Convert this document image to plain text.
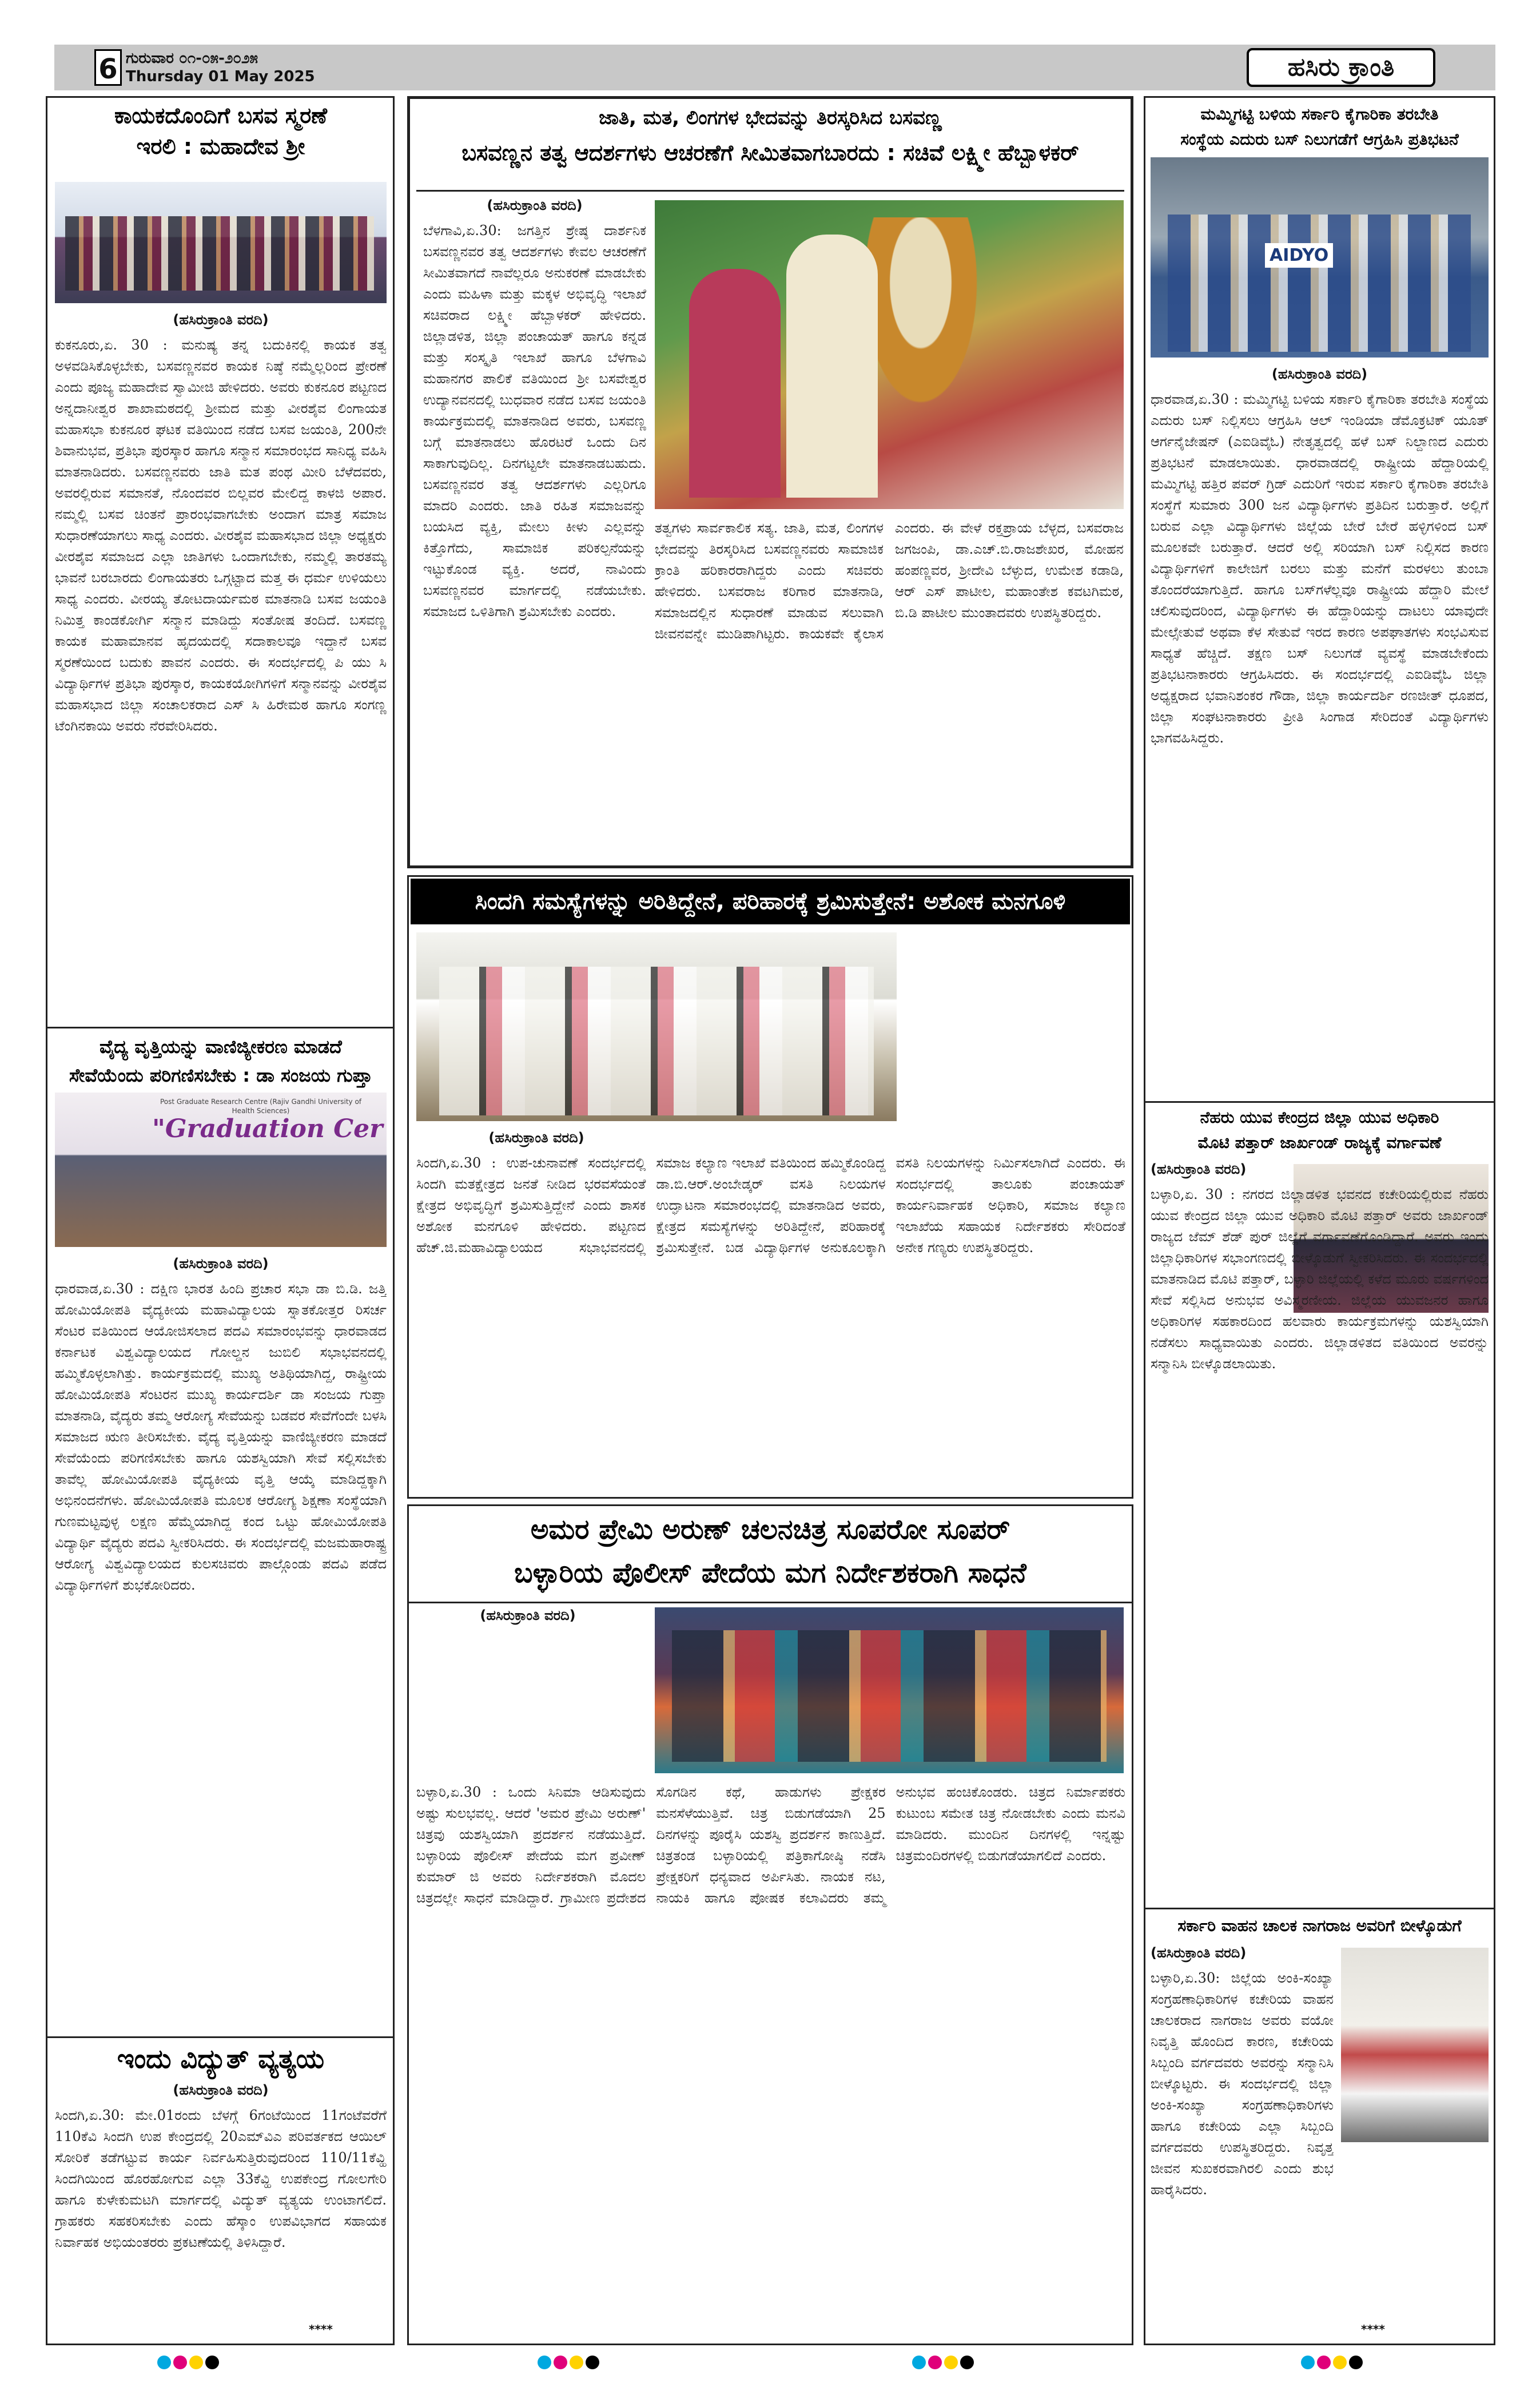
6 ಗುರುವಾರ ೦೧-೦೫-೨೦೨೫
Thursday 01 May 2025	ಹಸಿರು ಕ್ರಾಂತಿ
ಕಾಯಕದೊಂದಿಗೆ ಬಸವ ಸ್ಮರಣೆ
ಇರಲಿ : ಮಹಾದೇವ ಶ್ರೀ
(ಹಸಿರುಕ್ರಾಂತಿ ವರದಿ)
ಕುಕನೂರು,ಏ. 30 : ಮನುಷ್ಯ ತನ್ನ ಬದುಕಿನಲ್ಲಿ ಕಾಯಕ ತತ್ವ ಅಳವಡಿಸಿಕೊಳ್ಳಬೇಕು, ಬಸವಣ್ಣನವರ ಕಾಯಕ ನಿಷ್ಠೆ ನಮ್ಮೆಲ್ಲರಿಂದ ಪ್ರೇರಣೆ ಎಂದು ಪೂಜ್ಯ ಮಹಾದೇವ ಸ್ವಾಮೀಜಿ ಹೇಳಿದರು. ಅವರು ಕುಕನೂರ ಪಟ್ಟಣದ ಅನ್ನದಾನೀಶ್ವರ ಶಾಖಾಮಠದಲ್ಲಿ ಶ್ರೀಮದ ಮತ್ತು ವೀರಶೈವ ಲಿಂಗಾಯತ ಮಹಾಸಭಾ ಕುಕನೂರ ಘಟಕ ವತಿಯಿಂದ ನಡೆದ ಬಸವ ಜಯಂತಿ, 200ನೇ ಶಿವಾನುಭವ, ಪ್ರತಿಭಾ ಪುರಸ್ಕಾರ ಹಾಗೂ ಸನ್ಮಾನ ಸಮಾರಂಭದ ಸಾನಿಧ್ಯ ವಹಿಸಿ ಮಾತನಾಡಿದರು. ಬಸವಣ್ಣನವರು ಜಾತಿ ಮತ ಪಂಥ ಮೀರಿ ಬೆಳೆದವರು, ಅವರಲ್ಲಿರುವ ಸಮಾನತೆ, ನೊಂದವರ ಬಿಲ್ಲವರ ಮೇಲಿದ್ದ ಕಾಳಜಿ ಅಪಾರ. ನಮ್ಮಲ್ಲಿ ಬಸವ ಚಿಂತನೆ ಪ್ರಾರಂಭವಾಗಬೇಕು ಅಂದಾಗ ಮಾತ್ರ ಸಮಾಜ ಸುಧಾರಣೆಯಾಗಲು ಸಾಧ್ಯ ಎಂದರು. ವೀರಶೈವ ಮಹಾಸಭಾದ ಜಿಲ್ಲಾ ಅಧ್ಯಕ್ಷರು ವೀರಶೈವ ಸಮಾಜದ ಎಲ್ಲಾ ಜಾತಿಗಳು ಒಂದಾಗಬೇಕು, ನಮ್ಮಲ್ಲಿ ತಾರತಮ್ಯ ಭಾವನೆ ಬರಬಾರದು ಲಿಂಗಾಯತರು ಒಗ್ಗಟ್ಟಾದ ಮತ್ತ ಈ ಧರ್ಮ ಉಳಿಯಲು ಸಾಧ್ಯ ಎಂದರು. ವೀರಯ್ಯ ತೋಟದಾರ್ಯಮಠ ಮಾತನಾಡಿ ಬಸವ ಜಯಂತಿ ನಿಮಿತ್ತ ಕಾಂಡಕೋರ್ಗಿ ಸನ್ಮಾನ ಮಾಡಿದ್ದು ಸಂತೋಷ ತಂದಿದೆ. ಬಸವಣ್ಣ ಕಾಯಕ ಮಹಾಮಾನವ ಹೃದಯದಲ್ಲಿ ಸದಾಕಾಲವೂ ಇದ್ದಾನೆ ಬಸವ ಸ್ಮರಣೆಯಿಂದ ಬದುಕು ಪಾವನ ಎಂದರು. ಈ ಸಂದರ್ಭದಲ್ಲಿ ಪಿ ಯು ಸಿ ವಿದ್ಯಾರ್ಥಿಗಳ ಪ್ರತಿಭಾ ಪುರಸ್ಕಾರ, ಕಾಯಕಯೋಗಿಗಳಿಗೆ ಸನ್ಮಾನವನ್ನು ವೀರಶೈವ ಮಹಾಸಭಾದ ಜಿಲ್ಲಾ ಸಂಚಾಲಕರಾದ ಎಸ್ ಸಿ ಹಿರೇಮಠ ಹಾಗೂ ಸಂಗಣ್ಣ ಟೆಂಗಿನಕಾಯಿ ಅವರು ನೆರವೇರಿಸಿದರು.
ವೈದ್ಯ ವೃತ್ತಿಯನ್ನು ವಾಣಿಜ್ಯೀಕರಣ ಮಾಡದೆ
ಸೇವೆಯೆಂದು ಪರಿಗಣಿಸಬೇಕು : ಡಾ ಸಂಜಯ ಗುಪ್ತಾ
Post Graduate Research Centre (Rajiv Gandhi University of Health Sciences)
"Graduation Cer
(ಹಸಿರುಕ್ರಾಂತಿ ವರದಿ)
ಧಾರವಾಡ,ಏ.30 : ದಕ್ಷಿಣ ಭಾರತ ಹಿಂದಿ ಪ್ರಚಾರ ಸಭಾ ಡಾ ಬಿ.ಡಿ. ಜತ್ತಿ ಹೋಮಿಯೋಪತಿ ವೈದ್ಯಕೀಯ ಮಹಾವಿದ್ಯಾಲಯ ಸ್ನಾತಕೋತ್ತರ ರಿಸರ್ಚ ಸೆಂಟರ ವತಿಯಿಂದ ಆಯೋಜಿಸಲಾದ ಪದವಿ ಸಮಾರಂಭವನ್ನು ಧಾರವಾಡದ ಕರ್ನಾಟಕ ವಿಶ್ವವಿದ್ಯಾಲಯದ ಗೋಲ್ಡನ ಜುಬಿಲಿ ಸಭಾಭವನದಲ್ಲಿ ಹಮ್ಮಿಕೊಳ್ಳಲಾಗಿತ್ತು. ಕಾರ್ಯಕ್ರಮದಲ್ಲಿ ಮುಖ್ಯ ಅತಿಥಿಯಾಗಿದ್ದ, ರಾಷ್ಟ್ರೀಯ ಹೋಮಿಯೋಪತಿ ಸೆಂಟರನ ಮುಖ್ಯ ಕಾರ್ಯದರ್ಶಿ ಡಾ ಸಂಜಯ ಗುಪ್ತಾ ಮಾತನಾಡಿ, ವೈದ್ಯರು ತಮ್ಮ ಆರೋಗ್ಯ ಸೇವೆಯನ್ನು ಬಡವರ ಸೇವೆಗೆಂದೇ ಬಳಸಿ ಸಮಾಜದ ಋಣ ತೀರಿಸಬೇಕು. ವೈದ್ಯ ವೃತ್ತಿಯನ್ನು ವಾಣಿಜ್ಯೀಕರಣ ಮಾಡದೆ ಸೇವೆಯೆಂದು ಪರಿಗಣಿಸಬೇಕು ಹಾಗೂ ಯಶಸ್ವಿಯಾಗಿ ಸೇವೆ ಸಲ್ಲಿಸಬೇಕು ತಾವೆಲ್ಲ ಹೋಮಿಯೋಪತಿ ವೈದ್ಯಕೀಯ ವೃತ್ತಿ ಆಯ್ಕೆ ಮಾಡಿದ್ದಕ್ಕಾಗಿ ಅಭಿನಂದನೆಗಳು. ಹೋಮಿಯೋಪತಿ ಮೂಲಕ ಆರೋಗ್ಯ ಶಿಕ್ಷಣಾ ಸಂಸ್ಥೆಯಾಗಿ ಗುಣಮಟ್ಟವುಳ್ಳ ಲಕ್ಷಣ ಹೆಮ್ಮೆಯಾಗಿದ್ದ ಕಂದ ಒಟ್ಟು ಹೋಮಿಯೋಪತಿ ವಿದ್ಯಾರ್ಥಿ ವೈದ್ಯರು ಪದವಿ ಸ್ವೀಕರಿಸಿದರು. ಈ ಸಂದರ್ಭದಲ್ಲಿ ಮಜಮಹಾರಾಷ್ಟ್ರ ಆರೋಗ್ಯ ವಿಶ್ವವಿದ್ಯಾಲಯದ ಕುಲಸಚಿವರು ಪಾಲ್ಗೊಂಡು ಪದವಿ ಪಡೆದ ವಿದ್ಯಾರ್ಥಿಗಳಿಗೆ ಶುಭಕೋರಿದರು.
ಇಂದು ವಿದ್ಯುತ್ ವ್ಯತ್ಯಯ
(ಹಸಿರುಕ್ರಾಂತಿ ವರದಿ)
ಸಿಂದಗಿ,ಏ.30: ಮೇ.01ರಂದು ಬೆಳಗ್ಗೆ 6ಗಂಟೆಯಿಂದ 11ಗಂಟೆವರೆಗೆ 110ಕೆವಿ ಸಿಂದಗಿ ಉಪ ಕೇಂದ್ರದಲ್ಲಿ 20ಎಮ್‌ವಿಎ ಪರಿವರ್ತಕದ ಆಯಿಲ್ ಸೋರಿಕೆ ತಡೆಗಟ್ಟುವ ಕಾರ್ಯ ನಿರ್ವಹಿಸುತ್ತಿರುವುದರಿಂದ 110/11ಕೆವ್ಹಿ ಸಿಂದಗಿಯಿಂದ ಹೊರಹೋಗುವ ಎಲ್ಲಾ 33ಕೆವ್ಹಿ ಉಪಕೇಂದ್ರ ಗೋಲಗೇರಿ ಹಾಗೂ ಕುಳೇಕುಮಟಗಿ ಮಾರ್ಗದಲ್ಲಿ ವಿದ್ಯುತ್ ವ್ಯತ್ಯಯ ಉಂಟಾಗಲಿದೆ. ಗ್ರಾಹಕರು ಸಹಕರಿಸಬೇಕು ಎಂದು ಹೆಸ್ಕಾಂ ಉಪವಿಭಾಗದ ಸಹಾಯಕ ನಿರ್ವಾಹಕ ಅಭಿಯಂತರರು ಪ್ರಕಟಣೆಯಲ್ಲಿ ತಿಳಿಸಿದ್ದಾರೆ.
****
ಜಾತಿ, ಮತ, ಲಿಂಗಗಳ ಭೇದವನ್ನು ತಿರಸ್ಕರಿಸಿದ ಬಸವಣ್ಣ
ಬಸವಣ್ಣನ ತತ್ವ ಆದರ್ಶಗಳು ಆಚರಣೆಗೆ ಸೀಮಿತವಾಗಬಾರದು : ಸಚಿವೆ ಲಕ್ಷ್ಮೀ ಹೆಬ್ಬಾಳಕರ್
(ಹಸಿರುಕ್ರಾಂತಿ ವರದಿ)
ಬೆಳಗಾವಿ,ಏ.30: ಜಗತ್ತಿನ ಶ್ರೇಷ್ಠ ದಾರ್ಶನಿಕ ಬಸವಣ್ಣನವರ ತತ್ವ ಆದರ್ಶಗಳು ಕೇವಲ ಆಚರಣೆಗೆ ಸೀಮಿತವಾಗದೆ ನಾವೆಲ್ಲರೂ ಅನುಕರಣೆ ಮಾಡಬೇಕು ಎಂದು ಮಹಿಳಾ ಮತ್ತು ಮಕ್ಕಳ ಅಭಿವೃದ್ಧಿ ಇಲಾಖೆ ಸಚಿವರಾದ ಲಕ್ಷ್ಮೀ ಹೆಬ್ಬಾಳಕರ್ ಹೇಳಿದರು. ಜಿಲ್ಲಾಡಳಿತ, ಜಿಲ್ಲಾ ಪಂಚಾಯತ್ ಹಾಗೂ ಕನ್ನಡ ಮತ್ತು ಸಂಸ್ಕೃತಿ ಇಲಾಖೆ ಹಾಗೂ ಬೆಳಗಾವಿ ಮಹಾನಗರ ಪಾಲಿಕೆ ವತಿಯಿಂದ ಶ್ರೀ ಬಸವೇಶ್ವರ ಉದ್ಯಾನವನದಲ್ಲಿ ಬುಧವಾರ ನಡೆದ ಬಸವ ಜಯಂತಿ ಕಾರ್ಯಕ್ರಮದಲ್ಲಿ ಮಾತನಾಡಿದ ಅವರು, ಬಸವಣ್ಣ ಬಗ್ಗೆ ಮಾತನಾಡಲು ಹೊರಟರೆ ಒಂದು ದಿನ ಸಾಕಾಗುವುದಿಲ್ಲ. ದಿನಗಟ್ಟಲೇ ಮಾತನಾಡಬಹುದು. ಬಸವಣ್ಣನವರ ತತ್ವ ಆದರ್ಶಗಳು ಎಲ್ಲರಿಗೂ ಮಾದರಿ ಎಂದರು. ಜಾತಿ ರಹಿತ ಸಮಾಜವನ್ನು ಬಯಸಿದ ವ್ಯಕ್ತಿ, ಮೇಲು ಕೀಳು ಎಲ್ಲವನ್ನು ಕಿತ್ತೊಗೆದು, ಸಾಮಾಜಿಕ ಪರಿಕಲ್ಪನೆಯನ್ನು ಇಟ್ಟುಕೊಂಡ ವ್ಯಕ್ತಿ. ಅದರೆ, ನಾವಿಂದು ಬಸವಣ್ಣನವರ ಮಾರ್ಗದಲ್ಲಿ ನಡೆಯಬೇಕು. ಸಮಾಜದ ಒಳಿತಿಗಾಗಿ ಶ್ರಮಿಸಬೇಕು ಎಂದರು.
ತತ್ವಗಳು ಸಾರ್ವಕಾಲಿಕ ಸತ್ಯ. ಜಾತಿ, ಮತ, ಲಿಂಗಗಳ ಭೇದವನ್ನು ತಿರಸ್ಕರಿಸಿದ ಬಸವಣ್ಣನವರು ಸಾಮಾಜಿಕ ಕ್ರಾಂತಿ ಹರಿಕಾರರಾಗಿದ್ದರು ಎಂದು ಸಚಿವರು ಹೇಳಿದರು. ಬಸವರಾಜ ಕರಿಗಾರ ಮಾತನಾಡಿ, ಸಮಾಜದಲ್ಲಿನ ಸುಧಾರಣೆ ಮಾಡುವ ಸಲುವಾಗಿ ಜೀವನವನ್ನೇ ಮುಡಿಪಾಗಿಟ್ಟರು. ಕಾಯಕವೇ ಕೈಲಾಸ ಎಂದರು. ಈ ವೇಳೆ ರಕ್ತಪ್ರಾಯ ಬೆಳ್ಳದ, ಬಸವರಾಜ ಜಗಜಂಪಿ, ಡಾ.ಎಚ್.ಬಿ.ರಾಜಶೇಖರ, ಮೋಹನ ಹಂಪಣ್ಣವರ, ಶ್ರೀದೇವಿ ಬೆಳ್ಳುದ, ಉಮೇಶ ಕಡಾಡಿ, ಆರ್ ಎಸ್ ಪಾಟೀಲ, ಮಹಾಂತೇಶ ಕವಟಗಿಮಠ, ಬಿ.ಡಿ ಪಾಟೀಲ ಮುಂತಾದವರು ಉಪಸ್ಥಿತರಿದ್ದರು.
ಸಿಂದಗಿ ಸಮಸ್ಯೆಗಳನ್ನು ಅರಿತಿದ್ದೇನೆ, ಪರಿಹಾರಕ್ಕೆ ಶ್ರಮಿಸುತ್ತೇನೆ: ಅಶೋಕ ಮನಗೂಳಿ
(ಹಸಿರುಕ್ರಾಂತಿ ವರದಿ)
ಸಿಂದಗಿ,ಏ.30 : ಉಪ-ಚುನಾವಣೆ ಸಂದರ್ಭದಲ್ಲಿ ಸಿಂದಗಿ ಮತಕ್ಷೇತ್ರದ ಜನತೆ ನೀಡಿದ ಭರವಸೆಯಂತೆ ಕ್ಷೇತ್ರದ ಅಭಿವೃದ್ಧಿಗೆ ಶ್ರಮಿಸುತ್ತಿದ್ದೇನೆ ಎಂದು ಶಾಸಕ ಅಶೋಕ ಮನಗೂಳಿ ಹೇಳಿದರು. ಪಟ್ಟಣದ ಹೆಚ್.ಜಿ.ಮಹಾವಿದ್ಯಾಲಯದ ಸಭಾಭವನದಲ್ಲಿ ಸಮಾಜ ಕಲ್ಯಾಣ ಇಲಾಖೆ ವತಿಯಿಂದ ಹಮ್ಮಿಕೊಂಡಿದ್ದ ಡಾ.ಬಿ.ಆರ್.ಅಂಬೇಡ್ಕರ್ ವಸತಿ ನಿಲಯಗಳ ಉದ್ಘಾಟನಾ ಸಮಾರಂಭದಲ್ಲಿ ಮಾತನಾಡಿದ ಅವರು, ಕ್ಷೇತ್ರದ ಸಮಸ್ಯೆಗಳನ್ನು ಅರಿತಿದ್ದೇನೆ, ಪರಿಹಾರಕ್ಕೆ ಶ್ರಮಿಸುತ್ತೇನೆ. ಬಡ ವಿದ್ಯಾರ್ಥಿಗಳ ಅನುಕೂಲಕ್ಕಾಗಿ ವಸತಿ ನಿಲಯಗಳನ್ನು ನಿರ್ಮಿಸಲಾಗಿದೆ ಎಂದರು. ಈ ಸಂದರ್ಭದಲ್ಲಿ ತಾಲೂಕು ಪಂಚಾಯತ್ ಕಾರ್ಯನಿರ್ವಾಹಕ ಅಧಿಕಾರಿ, ಸಮಾಜ ಕಲ್ಯಾಣ ಇಲಾಖೆಯ ಸಹಾಯಕ ನಿರ್ದೇಶಕರು ಸೇರಿದಂತೆ ಅನೇಕ ಗಣ್ಯರು ಉಪಸ್ಥಿತರಿದ್ದರು.
ಅಮರ ಪ್ರೇಮಿ ಅರುಣ್ ಚಲನಚಿತ್ರ ಸೂಪರೋ ಸೂಪರ್
ಬಳ್ಳಾರಿಯ ಪೊಲೀಸ್ ಪೇದೆಯ ಮಗ ನಿರ್ದೇಶಕರಾಗಿ ಸಾಧನೆ
(ಹಸಿರುಕ್ರಾಂತಿ ವರದಿ)
ಬಳ್ಳಾರಿ,ಏ.30 : ಒಂದು ಸಿನಿಮಾ ಆಡಿಸುವುದು ಅಷ್ಟು ಸುಲಭವಲ್ಲ. ಆದರೆ 'ಅಮರ ಪ್ರೇಮಿ ಅರುಣ್' ಚಿತ್ರವು ಯಶಸ್ವಿಯಾಗಿ ಪ್ರದರ್ಶನ ನಡೆಯುತ್ತಿದೆ. ಬಳ್ಳಾರಿಯ ಪೊಲೀಸ್ ಪೇದೆಯ ಮಗ ಪ್ರವೀಣ್ ಕುಮಾರ್ ಜಿ ಅವರು ನಿರ್ದೇಶಕರಾಗಿ ಮೊದಲ ಚಿತ್ರದಲ್ಲೇ ಸಾಧನೆ ಮಾಡಿದ್ದಾರೆ. ಗ್ರಾಮೀಣ ಪ್ರದೇಶದ ಸೊಗಡಿನ ಕಥೆ, ಹಾಡುಗಳು ಪ್ರೇಕ್ಷಕರ ಮನಸೆಳೆಯುತ್ತಿವೆ. ಚಿತ್ರ ಬಿಡುಗಡೆಯಾಗಿ 25 ದಿನಗಳನ್ನು ಪೂರೈಸಿ ಯಶಸ್ವಿ ಪ್ರದರ್ಶನ ಕಾಣುತ್ತಿದೆ. ಚಿತ್ರತಂಡ ಬಳ್ಳಾರಿಯಲ್ಲಿ ಪತ್ರಿಕಾಗೋಷ್ಠಿ ನಡೆಸಿ ಪ್ರೇಕ್ಷಕರಿಗೆ ಧನ್ಯವಾದ ಅರ್ಪಿಸಿತು. ನಾಯಕ ನಟ, ನಾಯಕಿ ಹಾಗೂ ಪೋಷಕ ಕಲಾವಿದರು ತಮ್ಮ ಅನುಭವ ಹಂಚಿಕೊಂಡರು. ಚಿತ್ರದ ನಿರ್ಮಾಪಕರು ಕುಟುಂಬ ಸಮೇತ ಚಿತ್ರ ನೋಡಬೇಕು ಎಂದು ಮನವಿ ಮಾಡಿದರು. ಮುಂದಿನ ದಿನಗಳಲ್ಲಿ ಇನ್ನಷ್ಟು ಚಿತ್ರಮಂದಿರಗಳಲ್ಲಿ ಬಿಡುಗಡೆಯಾಗಲಿದೆ ಎಂದರು.
ಮಮ್ಮಿಗಟ್ಟಿ ಬಳಿಯ ಸರ್ಕಾರಿ ಕೈಗಾರಿಕಾ ತರಬೇತಿ
ಸಂಸ್ಥೆಯ ಎದುರು ಬಸ್ ನಿಲುಗಡೆಗೆ ಆಗ್ರಹಿಸಿ ಪ್ರತಿಭಟನೆ
AIDYO
(ಹಸಿರುಕ್ರಾಂತಿ ವರದಿ)
ಧಾರವಾಡ,ಏ.30 : ಮಮ್ಮಿಗಟ್ಟಿ ಬಳಿಯ ಸರ್ಕಾರಿ ಕೈಗಾರಿಕಾ ತರಬೇತಿ ಸಂಸ್ಥೆಯ ಎದುರು ಬಸ್ ನಿಲ್ಲಿಸಲು ಆಗ್ರಹಿಸಿ ಆಲ್ ಇಂಡಿಯಾ ಡೆಮೊಕ್ರಟಿಕ್ ಯೂತ್ ಆರ್ಗನೈಜೇಷನ್ (ಎಐಡಿವೈಓ) ನೇತೃತ್ವದಲ್ಲಿ ಹಳೆ ಬಸ್ ನಿಲ್ದಾಣದ ಎದುರು ಪ್ರತಿಭಟನೆ ಮಾಡಲಾಯಿತು. ಧಾರವಾಡದಲ್ಲಿ ರಾಷ್ಟ್ರೀಯ ಹೆದ್ದಾರಿಯಲ್ಲಿ ಮಮ್ಮಿಗಟ್ಟಿ ಹತ್ತಿರ ಪವರ್ ಗ್ರಿಡ್ ಎದುರಿಗೆ ಇರುವ ಸರ್ಕಾರಿ ಕೈಗಾರಿಕಾ ತರಬೇತಿ ಸಂಸ್ಥೆಗೆ ಸುಮಾರು 300 ಜನ ವಿದ್ಯಾರ್ಥಿಗಳು ಪ್ರತಿದಿನ ಬರುತ್ತಾರೆ. ಅಲ್ಲಿಗೆ ಬರುವ ಎಲ್ಲಾ ವಿದ್ಯಾರ್ಥಿಗಳು ಜಿಲ್ಲೆಯ ಬೇರೆ ಬೇರೆ ಹಳ್ಳಿಗಳಿಂದ ಬಸ್ ಮೂಲಕವೇ ಬರುತ್ತಾರೆ. ಆದರೆ ಅಲ್ಲಿ ಸರಿಯಾಗಿ ಬಸ್ ನಿಲ್ಲಿಸದ ಕಾರಣ ವಿದ್ಯಾರ್ಥಿಗಳಿಗೆ ಕಾಲೇಜಿಗೆ ಬರಲು ಮತ್ತು ಮನೆಗೆ ಮರಳಲು ತುಂಬಾ ತೊಂದರೆಯಾಗುತ್ತಿದೆ. ಹಾಗೂ ಬಸ್‌ಗಳೆಲ್ಲವೂ ರಾಷ್ಟ್ರೀಯ ಹೆದ್ದಾರಿ ಮೇಲೆ ಚಲಿಸುವುದರಿಂದ, ವಿದ್ಯಾರ್ಥಿಗಳು ಈ ಹೆದ್ದಾರಿಯನ್ನು ದಾಟಲು ಯಾವುದೇ ಮೇಲ್ಸೇತುವೆ ಅಥವಾ ಕೆಳ ಸೇತುವೆ ಇರದ ಕಾರಣ ಅಪಘಾತಗಳು ಸಂಭವಿಸುವ ಸಾಧ್ಯತೆ ಹೆಚ್ಚಿದೆ. ತಕ್ಷಣ ಬಸ್ ನಿಲುಗಡೆ ವ್ಯವಸ್ಥೆ ಮಾಡಬೇಕೆಂದು ಪ್ರತಿಭಟನಾಕಾರರು ಆಗ್ರಹಿಸಿದರು. ಈ ಸಂದರ್ಭದಲ್ಲಿ ಎಐಡಿವೈಓ ಜಿಲ್ಲಾ ಅಧ್ಯಕ್ಷರಾದ ಭವಾನಿಶಂಕರ ಗೌಡಾ, ಜಿಲ್ಲಾ ಕಾರ್ಯದರ್ಶಿ ರಣಜೀತ್ ಧೂಪದ, ಜಿಲ್ಲಾ ಸಂಘಟನಾಕಾರರು ಪ್ರೀತಿ ಸಿಂಗಾಡ ಸೇರಿದಂತೆ ವಿದ್ಯಾರ್ಥಿಗಳು ಭಾಗವಹಿಸಿದ್ದರು.
ನೆಹರು ಯುವ ಕೇಂದ್ರದ ಜಿಲ್ಲಾ ಯುವ ಅಧಿಕಾರಿ
ಮೊಟಿ ಪತ್ತಾರ್ ಜಾರ್ಖಂಡ್ ರಾಜ್ಯಕ್ಕೆ ವರ್ಗಾವಣೆ
(ಹಸಿರುಕ್ರಾಂತಿ ವರದಿ)
ಬಳ್ಳಾರಿ,ಏ. 30 : ನಗರದ ಜಿಲ್ಲಾಡಳಿತ ಭವನದ ಕಚೇರಿಯಲ್ಲಿರುವ ನೆಹರು ಯುವ ಕೇಂದ್ರದ ಜಿಲ್ಲಾ ಯುವ ಅಧಿಕಾರಿ ಮೊಟಿ ಪತ್ತಾರ್ ಅವರು ಜಾರ್ಖಂಡ್ ರಾಜ್ಯದ ಜೆಮ್ ಶೆಡ್ ಪುರ್ ಜಿಲ್ಲೆಗೆ ವರ್ಗಾವಣೆಗೊಂಡಿದ್ದಾರೆ. ಅವರು ಇಂದು ಜಿಲ್ಲಾಧಿಕಾರಿಗಳ ಸಭಾಂಗಣದಲ್ಲಿ ಬೀಳ್ಕೊಡುಗೆ ಸ್ವೀಕರಿಸಿದರು. ಈ ಸಂದರ್ಭದಲ್ಲಿ ಮಾತನಾಡಿದ ಮೊಟಿ ಪತ್ತಾರ್, ಬಳ್ಳಾರಿ ಜಿಲ್ಲೆಯಲ್ಲಿ ಕಳೆದ ಮೂರು ವರ್ಷಗಳಿಂದ ಸೇವೆ ಸಲ್ಲಿಸಿದ ಅನುಭವ ಅವಿಸ್ಮರಣೀಯ. ಜಿಲ್ಲೆಯ ಯುವಜನರ ಹಾಗೂ ಅಧಿಕಾರಿಗಳ ಸಹಕಾರದಿಂದ ಹಲವಾರು ಕಾರ್ಯಕ್ರಮಗಳನ್ನು ಯಶಸ್ವಿಯಾಗಿ ನಡೆಸಲು ಸಾಧ್ಯವಾಯಿತು ಎಂದರು. ಜಿಲ್ಲಾಡಳಿತದ ವತಿಯಿಂದ ಅವರನ್ನು ಸನ್ಮಾನಿಸಿ ಬೀಳ್ಕೊಡಲಾಯಿತು.
ಸರ್ಕಾರಿ ವಾಹನ ಚಾಲಕ ನಾಗರಾಜ ಅವರಿಗೆ ಬೀಳ್ಕೊಡುಗೆ
(ಹಸಿರುಕ್ರಾಂತಿ ವರದಿ)
ಬಳ್ಳಾರಿ,ಏ.30: ಜಿಲ್ಲೆಯ ಅಂಕಿ-ಸಂಖ್ಯಾ ಸಂಗ್ರಹಣಾಧಿಕಾರಿಗಳ ಕಚೇರಿಯ ವಾಹನ ಚಾಲಕರಾದ ನಾಗರಾಜ ಅವರು ವಯೋ ನಿವೃತ್ತಿ ಹೊಂದಿದ ಕಾರಣ, ಕಚೇರಿಯ ಸಿಬ್ಬಂದಿ ವರ್ಗದವರು ಅವರನ್ನು ಸನ್ಮಾನಿಸಿ ಬೀಳ್ಕೊಟ್ಟರು. ಈ ಸಂದರ್ಭದಲ್ಲಿ ಜಿಲ್ಲಾ ಅಂಕಿ-ಸಂಖ್ಯಾ ಸಂಗ್ರಹಣಾಧಿಕಾರಿಗಳು ಹಾಗೂ ಕಚೇರಿಯ ಎಲ್ಲಾ ಸಿಬ್ಬಂದಿ ವರ್ಗದವರು ಉಪಸ್ಥಿತರಿದ್ದರು. ನಿವೃತ್ತ ಜೀವನ ಸುಖಕರವಾಗಿರಲಿ ಎಂದು ಶುಭ ಹಾರೈಸಿದರು.
****
